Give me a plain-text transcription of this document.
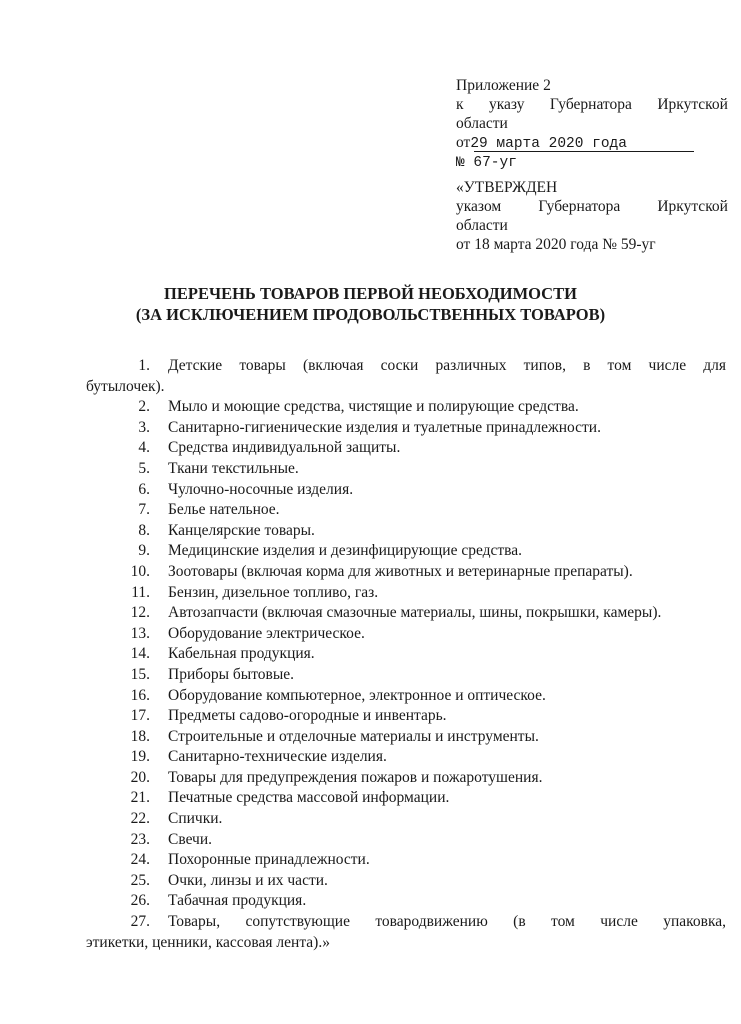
Приложение 2
к указу Губернатора Иркутской
области
от29 марта 2020 года
№ 67-уг
«УТВЕРЖДЕН
указом Губернатора Иркутской
области
от 18 марта 2020 года № 59-уг
ПЕРЕЧЕНЬ ТОВАРОВ ПЕРВОЙ НЕОБХОДИМОСТИ
(ЗА ИСКЛЮЧЕНИЕМ ПРОДОВОЛЬСТВЕННЫХ ТОВАРОВ)
1. Детские товары (включая соски различных типов, в том числе для
бутылочек).
2. Мыло и моющие средства, чистящие и полирующие средства.
3. Санитарно-гигиенические изделия и туалетные принадлежности.
4. Средства индивидуальной защиты.
5. Ткани текстильные.
6. Чулочно-носочные изделия.
7. Белье нательное.
8. Канцелярские товары.
9. Медицинские изделия и дезинфицирующие средства.
10. Зоотовары (включая корма для животных и ветеринарные препараты).
11. Бензин, дизельное топливо, газ.
12. Автозапчасти (включая смазочные материалы, шины, покрышки, камеры).
13. Оборудование электрическое.
14. Кабельная продукция.
15. Приборы бытовые.
16. Оборудование компьютерное, электронное и оптическое.
17. Предметы садово-огородные и инвентарь.
18. Строительные и отделочные материалы и инструменты.
19. Санитарно-технические изделия.
20. Товары для предупреждения пожаров и пожаротушения.
21. Печатные средства массовой информации.
22. Спички.
23. Свечи.
24. Похоронные принадлежности.
25. Очки, линзы и их части.
26. Табачная продукция.
27. Товары, сопутствующие товародвижению (в том числе упаковка,
этикетки, ценники, кассовая лента).»
